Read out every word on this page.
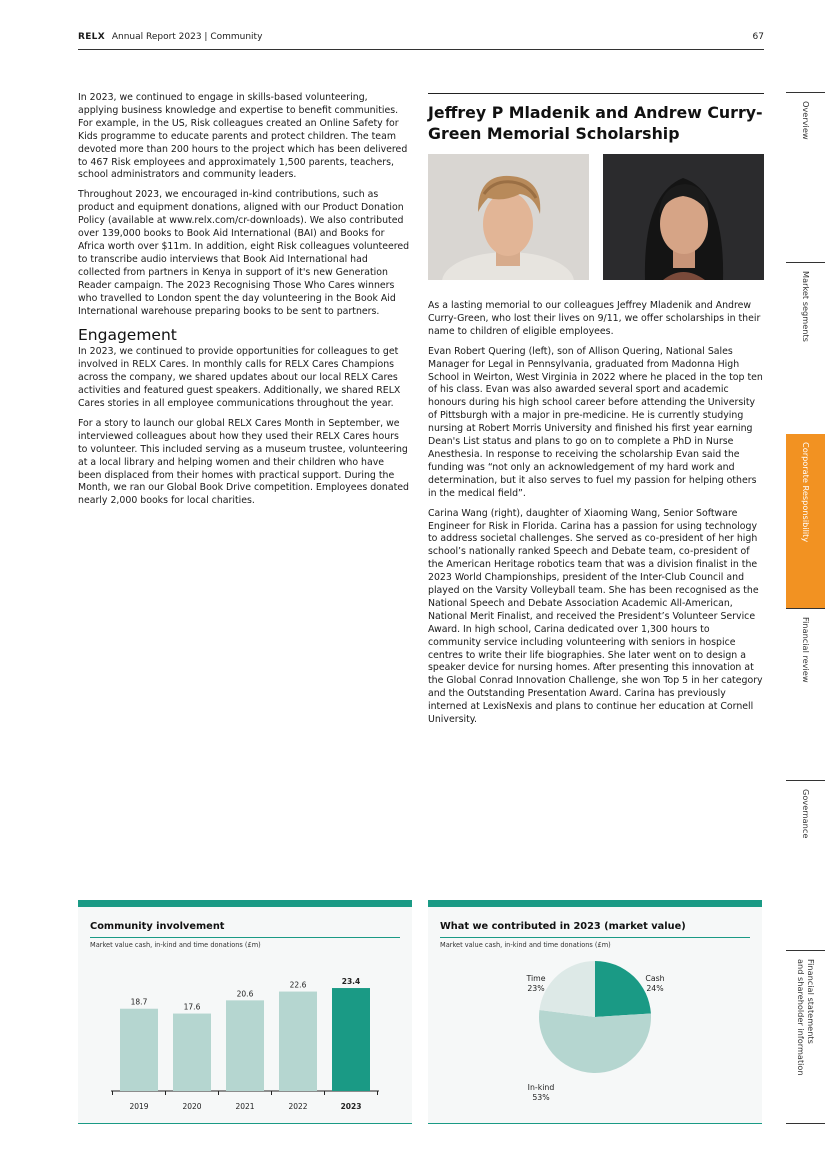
RELX Annual Report 2023 | Community	67

In 2023, we continued to engage in skills-based volunteering, applying business knowledge and expertise to benefit communities. For example, in the US, Risk colleagues created an Online Safety for Kids programme to educate parents and protect children. The team devoted more than 200 hours to the project which has been delivered to 467 Risk employees and approximately 1,500 parents, teachers, school administrators and community leaders.

Throughout 2023, we encouraged in-kind contributions, such as product and equipment donations, aligned with our Product Donation Policy (available at www.relx.com/cr-downloads). We also contributed over 139,000 books to Book Aid International (BAI) and Books for Africa worth over $11m. In addition, eight Risk colleagues volunteered to transcribe audio interviews that Book Aid International had collected from partners in Kenya in support of it's new Generation Reader campaign. The 2023 Recognising Those Who Cares winners who travelled to London spent the day volunteering in the Book Aid International warehouse preparing books to be sent to partners.

Engagement

In 2023, we continued to provide opportunities for colleagues to get involved in RELX Cares. In monthly calls for RELX Cares Champions across the company, we shared updates about our local RELX Cares activities and featured guest speakers. Additionally, we shared RELX Cares stories in all employee communications throughout the year.

For a story to launch our global RELX Cares Month in September, we interviewed colleagues about how they used their RELX Cares hours to volunteer. This included serving as a museum trustee, volunteering at a local library and helping women and their children who have been displaced from their homes with practical support. During the Month, we ran our Global Book Drive competition. Employees donated nearly 2,000 books for local charities.

Jeffrey P Mladenik and Andrew Curry-Green Memorial Scholarship

As a lasting memorial to our colleagues Jeffrey Mladenik and Andrew Curry-Green, who lost their lives on 9/11, we offer scholarships in their name to children of eligible employees.

Evan Robert Quering (left), son of Allison Quering, National Sales Manager for Legal in Pennsylvania, graduated from Madonna High School in Weirton, West Virginia in 2022 where he placed in the top ten of his class. Evan was also awarded several sport and academic honours during his high school career before attending the University of Pittsburgh with a major in pre-medicine. He is currently studying nursing at Robert Morris University and finished his first year earning Dean's List status and plans to go on to complete a PhD in Nurse Anesthesia. In response to receiving the scholarship Evan said the funding was “not only an acknowledgement of my hard work and determination, but it also serves to fuel my passion for helping others in the medical field”.

Carina Wang (right), daughter of Xiaoming Wang, Senior Software Engineer for Risk in Florida. Carina has a passion for using technology to address societal challenges. She served as co-president of her high school’s nationally ranked Speech and Debate team, co-president of the American Heritage robotics team that was a division finalist in the 2023 World Championships, president of the Inter-Club Council and played on the Varsity Volleyball team. She has been recognised as the National Speech and Debate Association Academic All-American, National Merit Finalist, and received the President’s Volunteer Service Award. In high school, Carina dedicated over 1,300 hours to community service including volunteering with seniors in hospice centres to write their life biographies. She later went on to design a speaker device for nursing homes. After presenting this innovation at the Global Conrad Innovation Challenge, she won Top 5 in her category and the Outstanding Presentation Award. Carina has previously interned at LexisNexis and plans to continue her education at Cornell University.

Overview
Market segments
Corporate Responsibility
Financial review
Governance
Financial statements
and shareholder information
Community involvement
Market value cash, in-kind and time donations (£m)
18.7
2019
17.6
2020
20.6
2021
22.6
2022
23.4
2023
What we contributed in 2023 (market value)
Market value cash, in-kind and time donations (£m)
Cash
24%
In-kind
53%
Time
23%
